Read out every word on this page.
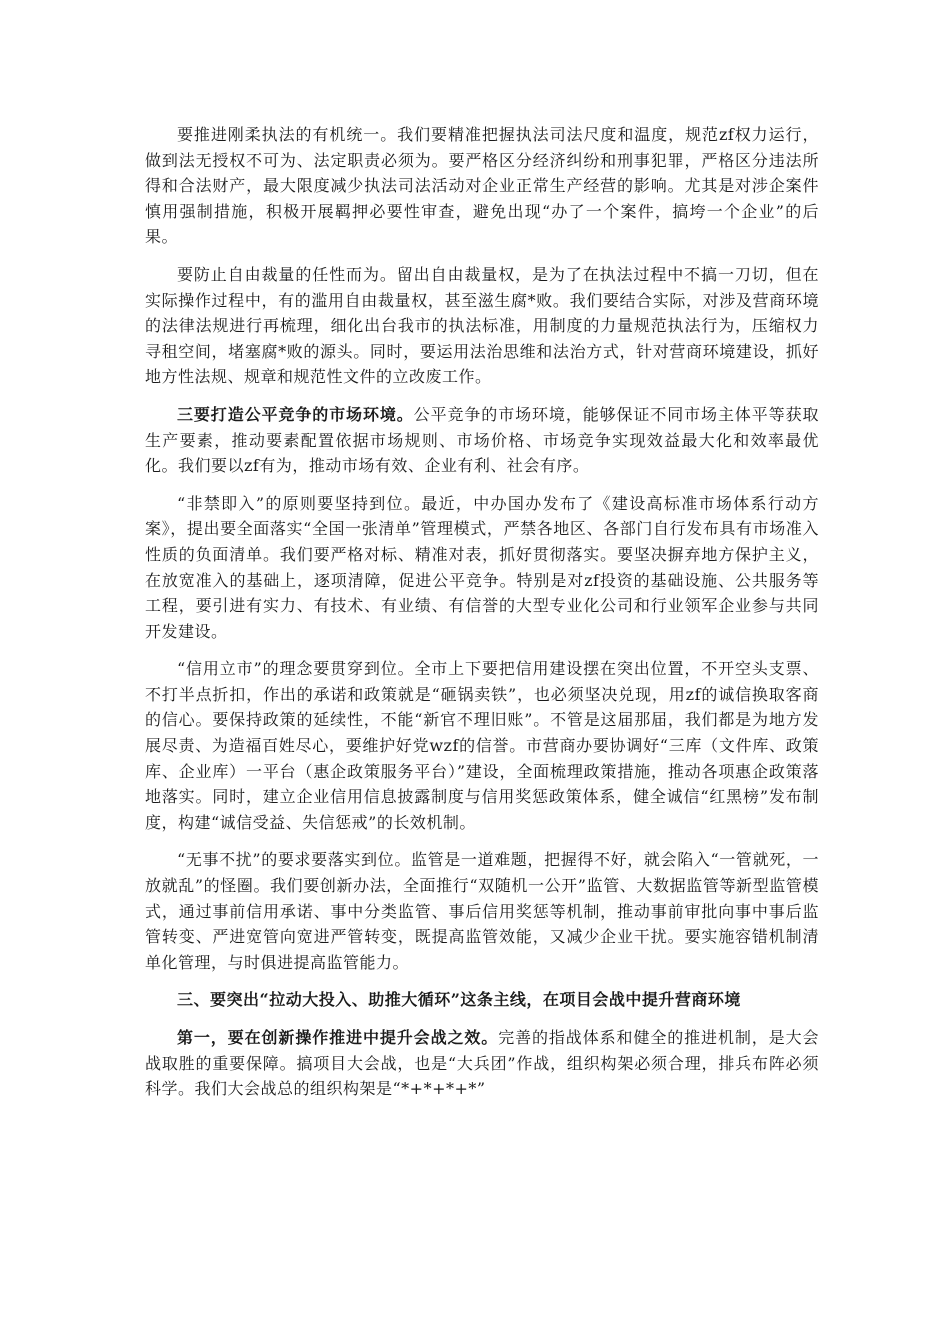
要推进刚柔执法的有机统一。我们要精准把握执法司法尺度和温度，规范zf权力运行，做到法无授权不可为、法定职责必须为。要严格区分经济纠纷和刑事犯罪，严格区分违法所得和合法财产，最大限度减少执法司法活动对企业正常生产经营的影响。尤其是对涉企案件慎用强制措施，积极开展羁押必要性审查，避免出现“办了一个案件，搞垮一个企业”的后果。

要防止自由裁量的任性而为。留出自由裁量权，是为了在执法过程中不搞一刀切，但在实际操作过程中，有的滥用自由裁量权，甚至滋生腐*败。我们要结合实际，对涉及营商环境的法律法规进行再梳理，细化出台我市的执法标准，用制度的力量规范执法行为，压缩权力寻租空间，堵塞腐*败的源头。同时，要运用法治思维和法治方式，针对营商环境建设，抓好地方性法规、规章和规范性文件的立改废工作。

三要打造公平竞争的市场环境。公平竞争的市场环境，能够保证不同市场主体平等获取生产要素，推动要素配置依据市场规则、市场价格、市场竞争实现效益最大化和效率最优化。我们要以zf有为，推动市场有效、企业有利、社会有序。

“非禁即入”的原则要坚持到位。最近，中办国办发布了《建设高标准市场体系行动方案》，提出要全面落实“全国一张清单”管理模式，严禁各地区、各部门自行发布具有市场准入性质的负面清单。我们要严格对标、精准对表，抓好贯彻落实。要坚决摒弃地方保护主义，在放宽准入的基础上，逐项清障，促进公平竞争。特别是对zf投资的基础设施、公共服务等工程，要引进有实力、有技术、有业绩、有信誉的大型专业化公司和行业领军企业参与共同开发建设。

“信用立市”的理念要贯穿到位。全市上下要把信用建设摆在突出位置，不开空头支票、不打半点折扣，作出的承诺和政策就是“砸锅卖铁”，也必须坚决兑现，用zf的诚信换取客商的信心。要保持政策的延续性，不能“新官不理旧账”。不管是这届那届，我们都是为地方发展尽责、为造福百姓尽心，要维护好党wzf的信誉。市营商办要协调好“三库（文件库、政策库、企业库）一平台（惠企政策服务平台）”建设，全面梳理政策措施，推动各项惠企政策落地落实。同时，建立企业信用信息披露制度与信用奖惩政策体系，健全诚信“红黑榜”发布制度，构建“诚信受益、失信惩戒”的长效机制。

“无事不扰”的要求要落实到位。监管是一道难题，把握得不好，就会陷入“一管就死，一放就乱”的怪圈。我们要创新办法，全面推行“双随机一公开”监管、大数据监管等新型监管模式，通过事前信用承诺、事中分类监管、事后信用奖惩等机制，推动事前审批向事中事后监管转变、严进宽管向宽进严管转变，既提高监管效能，又减少企业干扰。要实施容错机制清单化管理，与时俱进提高监管能力。

三、要突出“拉动大投入、助推大循环”这条主线，在项目会战中提升营商环境

第一，要在创新操作推进中提升会战之效。完善的指战体系和健全的推进机制，是大会战取胜的重要保障。搞项目大会战，也是“大兵团”作战，组织构架必须合理，排兵布阵必须科学。我们大会战总的组织构架是“*+*+*+*”
